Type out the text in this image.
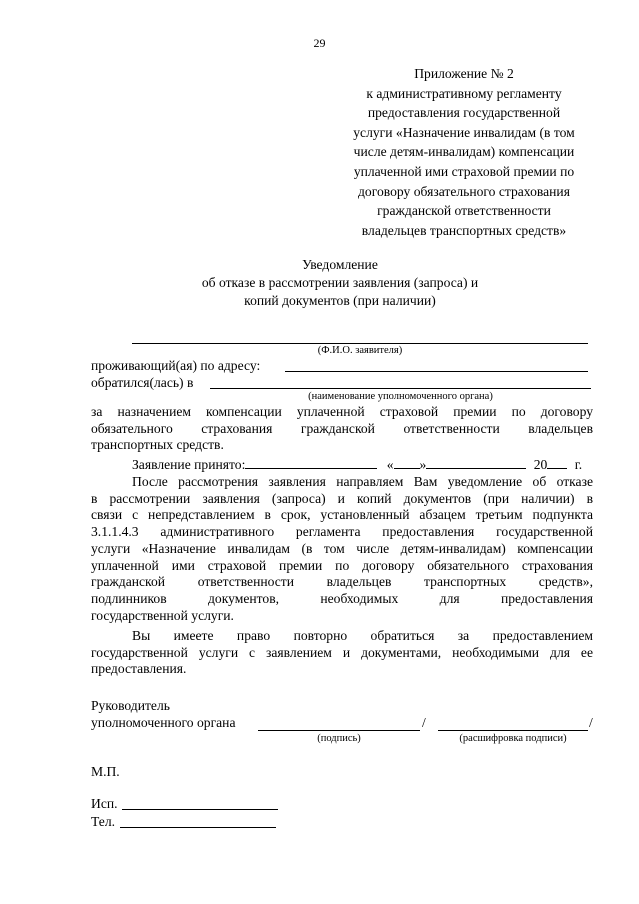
29
Приложение № 2
к административному регламенту
предоставления государственной
услуги «Назначение инвалидам (в том
числе детям-инвалидам) компенсации
уплаченной ими страховой премии по
договору обязательного страхования
гражданской ответственности
владельцев транспортных средств»
Уведомление
об отказе в рассмотрении заявления (запроса) и
копий документов (при наличии)
(Ф.И.О. заявителя)
проживающий(ая) по адресу:
обратился(лась) в
(наименование уполномоченного органа)
за назначением компенсации уплаченной страховой премии по договору
обязательного страхования гражданской ответственности владельцев
транспортных средств.
Заявление принято:	« »	20 г.
После рассмотрения заявления направляем Вам уведомление об отказе
в рассмотрении заявления (запроса) и копий документов (при наличии) в
связи с непредставлением в срок, установленный абзацем третьим подпункта
3.1.1.4.3 административного регламента предоставления государственной
услуги «Назначение инвалидам (в том числе детям-инвалидам) компенсации
уплаченной ими страховой премии по договору обязательного страхования
гражданской ответственности владельцев транспортных средств»,
подлинников документов, необходимых для предоставления
государственной услуги.
Вы имеете право повторно обратиться за предоставлением
государственной услуги с заявлением и документами, необходимыми для ее
предоставления.
Руководитель
уполномоченного органа	/	/
(подпись)	(расшифровка подписи)
М.П.
Исп.
Тел.
